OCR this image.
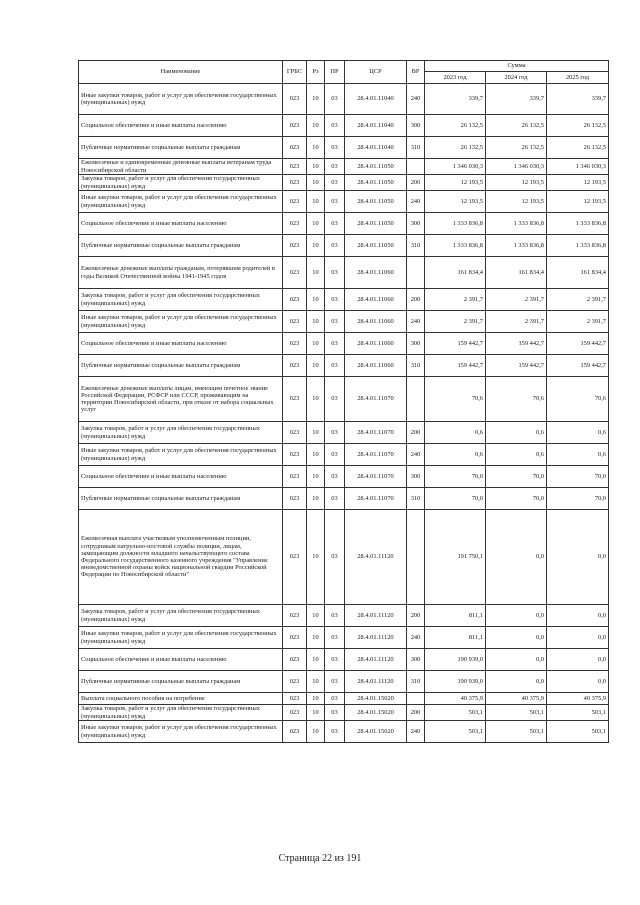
Наименование	ГРБС	Рз	ПР	ЦСР	ВР	Сумма		
						2023 год	2024 год	2025 год
Иные закупки товаров, работ и услуг для обеспечения государственных (муниципальных) нужд	023	10	03	28.4.01.11040	240	339,7	339,7	339,7
Социальное обеспечение и иные выплаты населению	023	10	03	28.4.01.11040	300	26 132,5	26 132,5	26 132,5
Публичные нормативные социальные выплаты гражданам	023	10	03	28.4.01.11040	310	26 132,5	26 132,5	26 132,5
Ежемесячные и единовременные денежные выплаты ветеранам труда Новосибирской области	023	10	03	28.4.01.11050		1 346 030,3	1 346 030,3	1 346 030,3
Закупка товаров, работ и услуг для обеспечения государственных (муниципальных) нужд	023	10	03	28.4.01.11050	200	12 193,5	12 193,5	12 193,5
Иные закупки товаров, работ и услуг для обеспечения государственных (муниципальных) нужд	023	10	03	28.4.01.11050	240	12 193,5	12 193,5	12 193,5
Социальное обеспечение и иные выплаты населению	023	10	03	28.4.01.11050	300	1 333 836,8	1 333 836,8	1 333 836,8
Публичные нормативные социальные выплаты гражданам	023	10	03	28.4.01.11050	310	1 333 836,8	1 333 836,8	1 333 836,8
Ежемесячные денежные выплаты гражданам, потерявшим родителей в годы Великой Отечественной войны 1941-1945 годов	023	10	03	28.4.01.11060		161 834,4	161 834,4	161 834,4
Закупка товаров, работ и услуг для обеспечения государственных (муниципальных) нужд	023	10	03	28.4.01.11060	200	2 391,7	2 391,7	2 391,7
Иные закупки товаров, работ и услуг для обеспечения государственных (муниципальных) нужд	023	10	03	28.4.01.11060	240	2 391,7	2 391,7	2 391,7
Социальное обеспечение и иные выплаты населению	023	10	03	28.4.01.11060	300	159 442,7	159 442,7	159 442,7
Публичные нормативные социальные выплаты гражданам	023	10	03	28.4.01.11060	310	159 442,7	159 442,7	159 442,7
Ежемесячные денежные выплаты лицам, имеющим почетное звание Российской Федерации, РСФСР или СССР, проживающим на территории Новосибирской области, при отказе от набора социальных услуг	023	10	03	28.4.01.11070		70,6	70,6	70,6
Закупка товаров, работ и услуг для обеспечения государственных (муниципальных) нужд	023	10	03	28.4.01.11070	200	0,6	0,6	0,6
Иные закупки товаров, работ и услуг для обеспечения государственных (муниципальных) нужд	023	10	03	28.4.01.11070	240	0,6	0,6	0,6
Социальное обеспечение и иные выплаты населению	023	10	03	28.4.01.11070	300	70,0	70,0	70,0
Публичные нормативные социальные выплаты гражданам	023	10	03	28.4.01.11070	310	70,0	70,0	70,0
Ежемесячная выплата участковым уполномоченным полиции, сотрудникам патрульно-постовой службы полиции, лицам, замещающим должности младшего начальствующего состава Федерального государственного казенного учреждения "Управление вневедомственной охраны войск национальной гвардии Российской Федерации по Новосибирской области"	023	10	03	28.4.01.11120		191 750,1	0,0	0,0
Закупка товаров, работ и услуг для обеспечения государственных (муниципальных) нужд	023	10	03	28.4.01.11120	200	811,1	0,0	0,0
Иные закупки товаров, работ и услуг для обеспечения государственных (муниципальных) нужд	023	10	03	28.4.01.11120	240	811,1	0,0	0,0
Социальное обеспечение и иные выплаты населению	023	10	03	28.4.01.11120	300	190 939,0	0,0	0,0
Публичные нормативные социальные выплаты гражданам	023	10	03	28.4.01.11120	310	190 939,0	0,0	0,0
Выплата социального пособия на погребение	023	10	03	28.4.01.15020		40 375,9	40 375,9	40 375,9
Закупка товаров, работ и услуг для обеспечения государственных (муниципальных) нужд	023	10	03	28.4.01.15020	200	503,1	503,1	503,1
Иные закупки товаров, работ и услуг для обеспечения государственных (муниципальных) нужд	023	10	03	28.4.01.15020	240	503,1	503,1	503,1
Страница 22 из 191
